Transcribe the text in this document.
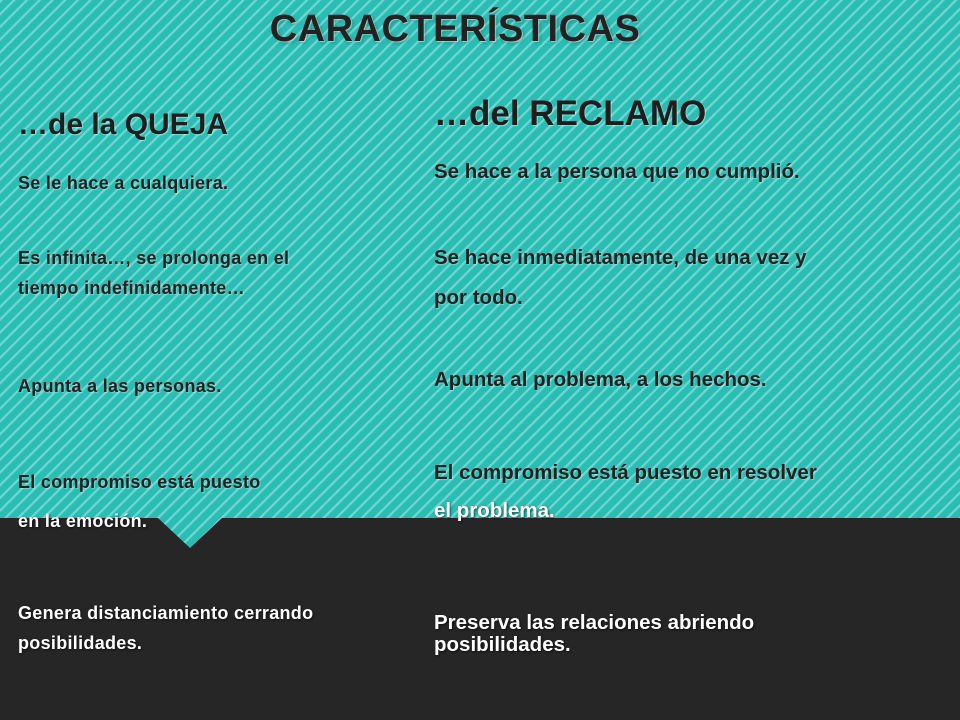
CARACTERÍSTICAS
…de la QUEJA	…del RECLAMO
Se le hace a cualquiera.
Es infinita…, se prolonga en el
tiempo indefinidamente…
Apunta a las personas.
El compromiso está puesto
en la emoción.
Genera distanciamiento cerrando
posibilidades.
Se hace a la persona que no cumplió.
Se hace inmediatamente, de una vez y
por todo.
Apunta al problema, a los hechos.
El compromiso está puesto en resolver
el problema.
Preserva las relaciones abriendo
posibilidades.
